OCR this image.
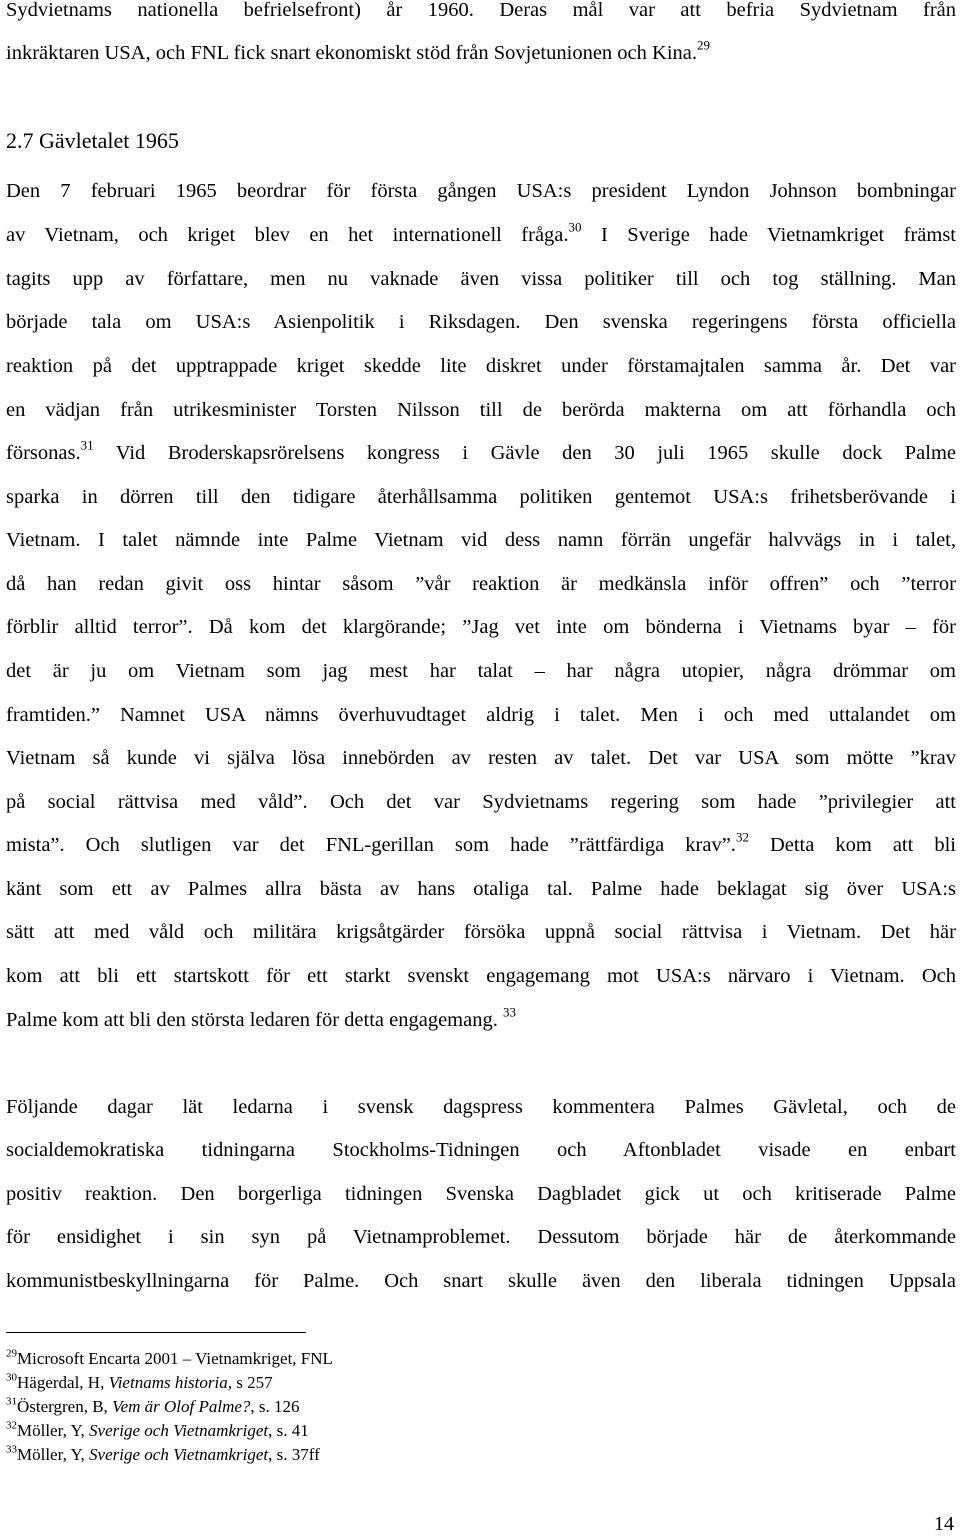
Sydvietnams nationella befrielsefront) år 1960. Deras mål var att befria Sydvietnam från
inkräktaren USA, och FNL fick snart ekonomiskt stöd från Sovjetunionen och Kina.$^{29}$
2.7 Gävletalet 1965
Den 7 februari 1965 beordrar för första gången USA:s president Lyndon Johnson bombningar
av Vietnam, och kriget blev en het internationell fråga.$^{30}$ I Sverige hade Vietnamkriget främst
tagits upp av författare, men nu vaknade även vissa politiker till och tog ställning. Man
började tala om USA:s Asienpolitik i Riksdagen. Den svenska regeringens första officiella
reaktion på det upptrappade kriget skedde lite diskret under förstamajtalen samma år. Det var
en vädjan från utrikesminister Torsten Nilsson till de berörda makterna om att förhandla och
försonas.$^{31}$ Vid Broderskapsrörelsens kongress i Gävle den 30 juli 1965 skulle dock Palme
sparka in dörren till den tidigare återhållsamma politiken gentemot USA:s frihetsberövande i
Vietnam. I talet nämnde inte Palme Vietnam vid dess namn förrän ungefär halvvägs in i talet,
då han redan givit oss hintar såsom ”vår reaktion är medkänsla inför offren” och ”terror
förblir alltid terror”. Då kom det klargörande; ”Jag vet inte om bönderna i Vietnams byar – för
det är ju om Vietnam som jag mest har talat – har några utopier, några drömmar om
framtiden.” Namnet USA nämns överhuvudtaget aldrig i talet. Men i och med uttalandet om
Vietnam så kunde vi själva lösa innebörden av resten av talet. Det var USA som mötte ”krav
på social rättvisa med våld”. Och det var Sydvietnams regering som hade ”privilegier att
mista”. Och slutligen var det FNL-gerillan som hade ”rättfärdiga krav”.$^{32}$ Detta kom att bli
känt som ett av Palmes allra bästa av hans otaliga tal. Palme hade beklagat sig över USA:s
sätt att med våld och militära krigsåtgärder försöka uppnå social rättvisa i Vietnam. Det här
kom att bli ett startskott för ett starkt svenskt engagemang mot USA:s närvaro i Vietnam. Och
Palme kom att bli den största ledaren för detta engagemang. $^{33}$
Följande dagar lät ledarna i svensk dagspress kommentera Palmes Gävletal, och de
socialdemokratiska tidningarna Stockholms-Tidningen och Aftonbladet visade en enbart
positiv reaktion. Den borgerliga tidningen Svenska Dagbladet gick ut och kritiserade Palme
för ensidighet i sin syn på Vietnamproblemet. Dessutom började här de återkommande
kommunistbeskyllningarna för Palme. Och snart skulle även den liberala tidningen Uppsala
$^{29}$Microsoft Encarta 2001 – Vietnamkriget, FNL
$^{30}$Hägerdal, H, Vietnams historia, s 257
$^{31}$Östergren, B, Vem är Olof Palme?, s. 126
$^{32}$Möller, Y, Sverige och Vietnamkriget, s. 41
$^{33}$Möller, Y, Sverige och Vietnamkriget, s. 37ff
14
